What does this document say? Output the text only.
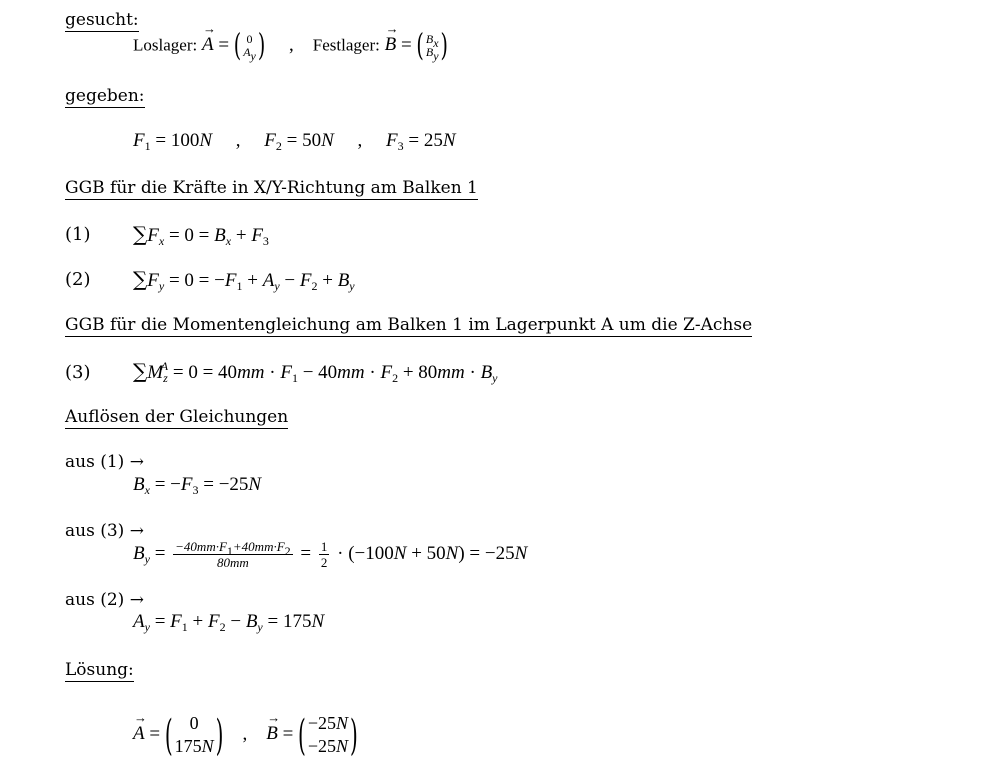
gesucht:
Loslager:
→
A = ( 0
$A_y$ ) ,    Festlager:
→
B = ( $B_x$
$B_y$ )
gegeben:
$F_1 = 100N$     ,     $F_2 = 50N$     ,     $F_3 = 25N$
GGB für die Kräfte in X/Y-Richtung am Balken 1
(1) $\sum F_x = 0 = B_x + F_3$
(2) $\sum F_y = 0 = -F_1 + A_y - F_2 + B_y$
GGB für die Momentengleichung am Balken 1 im Lagerpunkt A um die Z-Achse
(3) $\sum M_z^A = 0 = 40mm \cdot F_1 - 40mm \cdot F_2 + 80mm \cdot B_y$
Auflösen der Gleichungen
aus (1) →
$B_x = -F_3 = -25N$
aus (3) →
$B_y = \frac{-40mm\cdot F_1+40mm\cdot F_2}{80mm} = \frac{1}{2} \cdot (-100N + 50N) = -25N$
aus (2) →
$A_y = F_1 + F_2 - B_y = 175N$
Lösung:
→
A = ( 0
175N ) ,
→
B = ( −25N
−25N )
